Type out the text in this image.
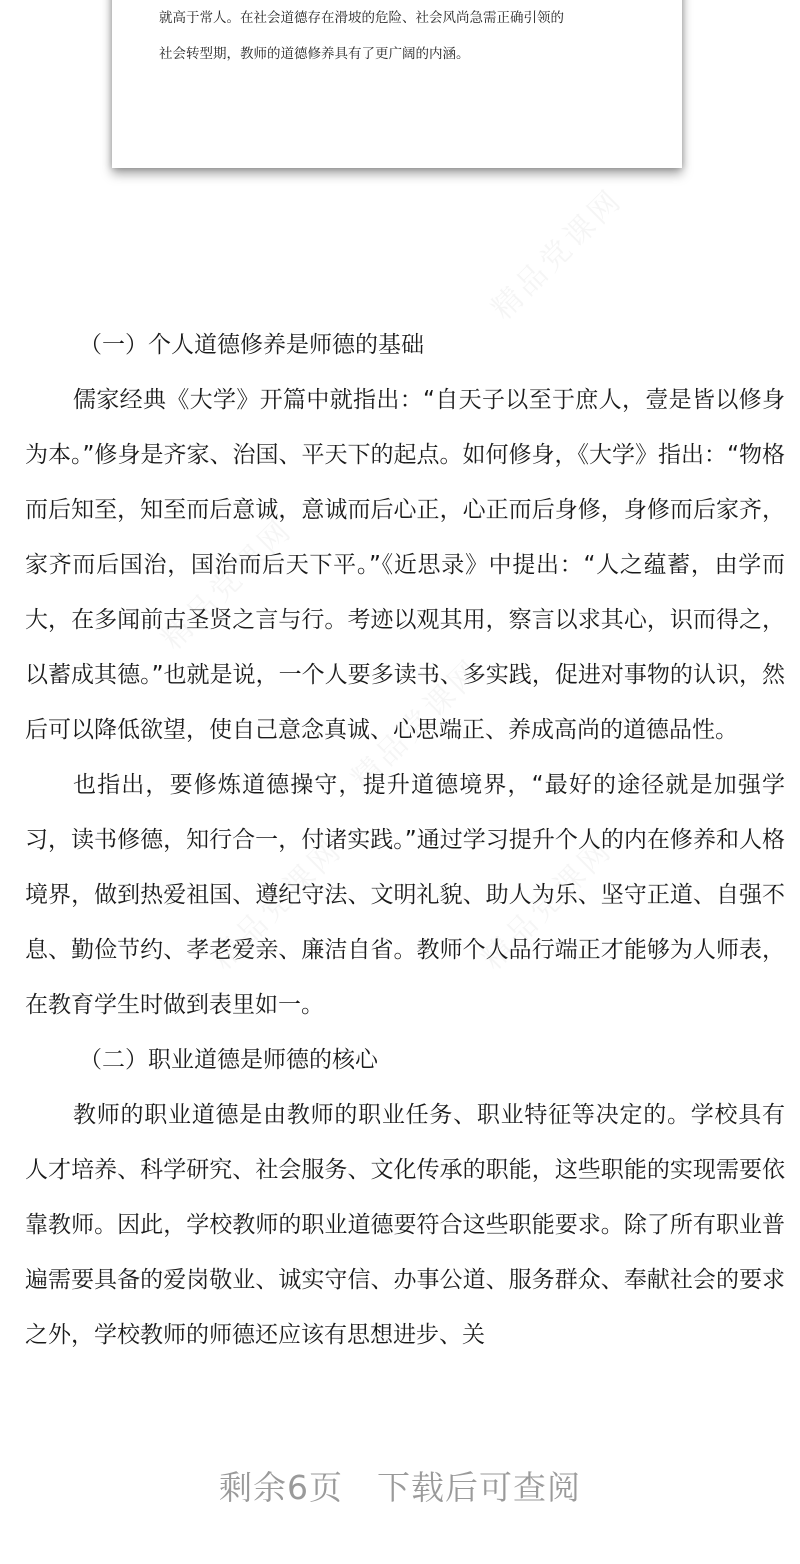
就高于常人。在社会道德存在滑坡的危险、社会风尚急需正确引领的
社会转型期，教师的道德修养具有了更广阔的内涵。
精品党课网
精品党课网
精品党课网
精品党课网	精品党课网

（一）个人道德修养是师德的基础

儒家经典《大学》开篇中就指出：“自天子以至于庶人，壹是皆以修身为本。”修身是齐家、治国、平天下的起点。如何修身，《大学》指出：“物格而后知至，知至而后意诚，意诚而后心正，心正而后身修，身修而后家齐，家齐而后国治，国治而后天下平。”《近思录》中提出：“人之蕴蓄，由学而大，在多闻前古圣贤之言与行。考迹以观其用，察言以求其心，识而得之，以蓄成其德。”也就是说，一个人要多读书、多实践，促进对事物的认识，然后可以降低欲望，使自己意念真诚、心思端正、养成高尚的道德品性。

也指出，要修炼道德操守，提升道德境界，“最好的途径就是加强学习，读书修德，知行合一，付诸实践。”通过学习提升个人的内在修养和人格境界，做到热爱祖国、遵纪守法、文明礼貌、助人为乐、坚守正道、自强不息、勤俭节约、孝老爱亲、廉洁自省。教师个人品行端正才能够为人师表，在教育学生时做到表里如一。

（二）职业道德是师德的核心

教师的职业道德是由教师的职业任务、职业特征等决定的。学校具有人才培养、科学研究、社会服务、文化传承的职能，这些职能的实现需要依靠教师。因此，学校教师的职业道德要符合这些职能要求。除了所有职业普遍需要具备的爱岗敬业、诚实守信、办事公道、服务群众、奉献社会的要求之外，学校教师的师德还应该有思想进步、关

剩余6页 下载后可查阅
